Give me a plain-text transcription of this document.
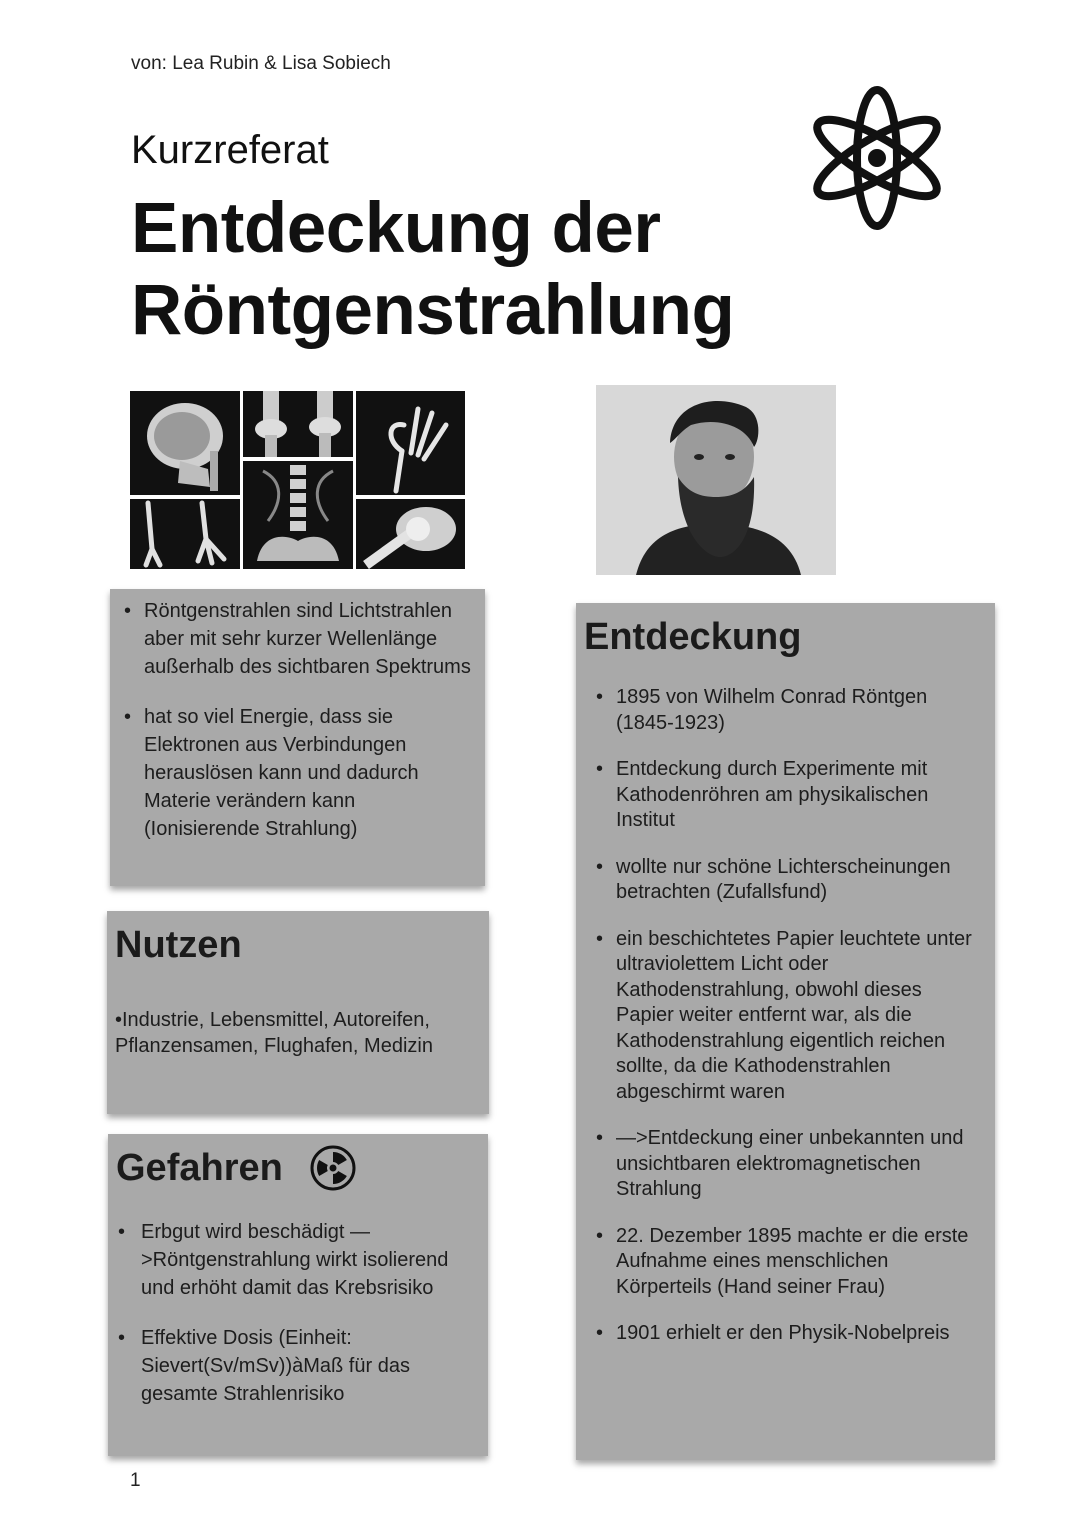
von: Lea Rubin & Lisa Sobiech
Kurzreferat
Entdeckung der
Röntgenstrahlung
• Röntgenstrahlen sind Lichtstrahlen aber mit sehr kurzer Wellenlänge außerhalb des sichtbaren Spektrums
• hat so viel Energie, dass sie Elektronen aus Verbindungen herauslösen kann und dadurch Materie verändern kann (Ionisierende Strahlung)
Nutzen

•Industrie, Lebensmittel, Autoreifen, Pflanzensamen, Flughafen, Medizin

Gefahren
• Erbgut wird beschädigt —>Röntgenstrahlung wirkt isolierend und erhöht damit das Krebsrisiko
• Effektive Dosis (Einheit: Sievert(Sv/mSv))àMaß für das gesamte Strahlenrisiko
Entdeckung
• 1895 von Wilhelm Conrad Röntgen (1845-1923)
• Entdeckung durch Experimente mit Kathodenröhren am physikalischen Institut
• wollte nur schöne Lichterscheinungen betrachten (Zufallsfund)
• ein beschichtetes Papier leuchtete unter ultraviolettem Licht oder Kathodenstrahlung, obwohl dieses Papier weiter entfernt war, als die Kathodenstrahlung eigentlich reichen sollte, da die Kathodenstrahlen abgeschirmt waren
• —>Entdeckung einer unbekannten und unsichtbaren elektromagnetischen Strahlung
• 22. Dezember 1895 machte er die erste Aufnahme eines menschlichen Körperteils (Hand seiner Frau)
• 1901 erhielt er den Physik-Nobelpreis
1
